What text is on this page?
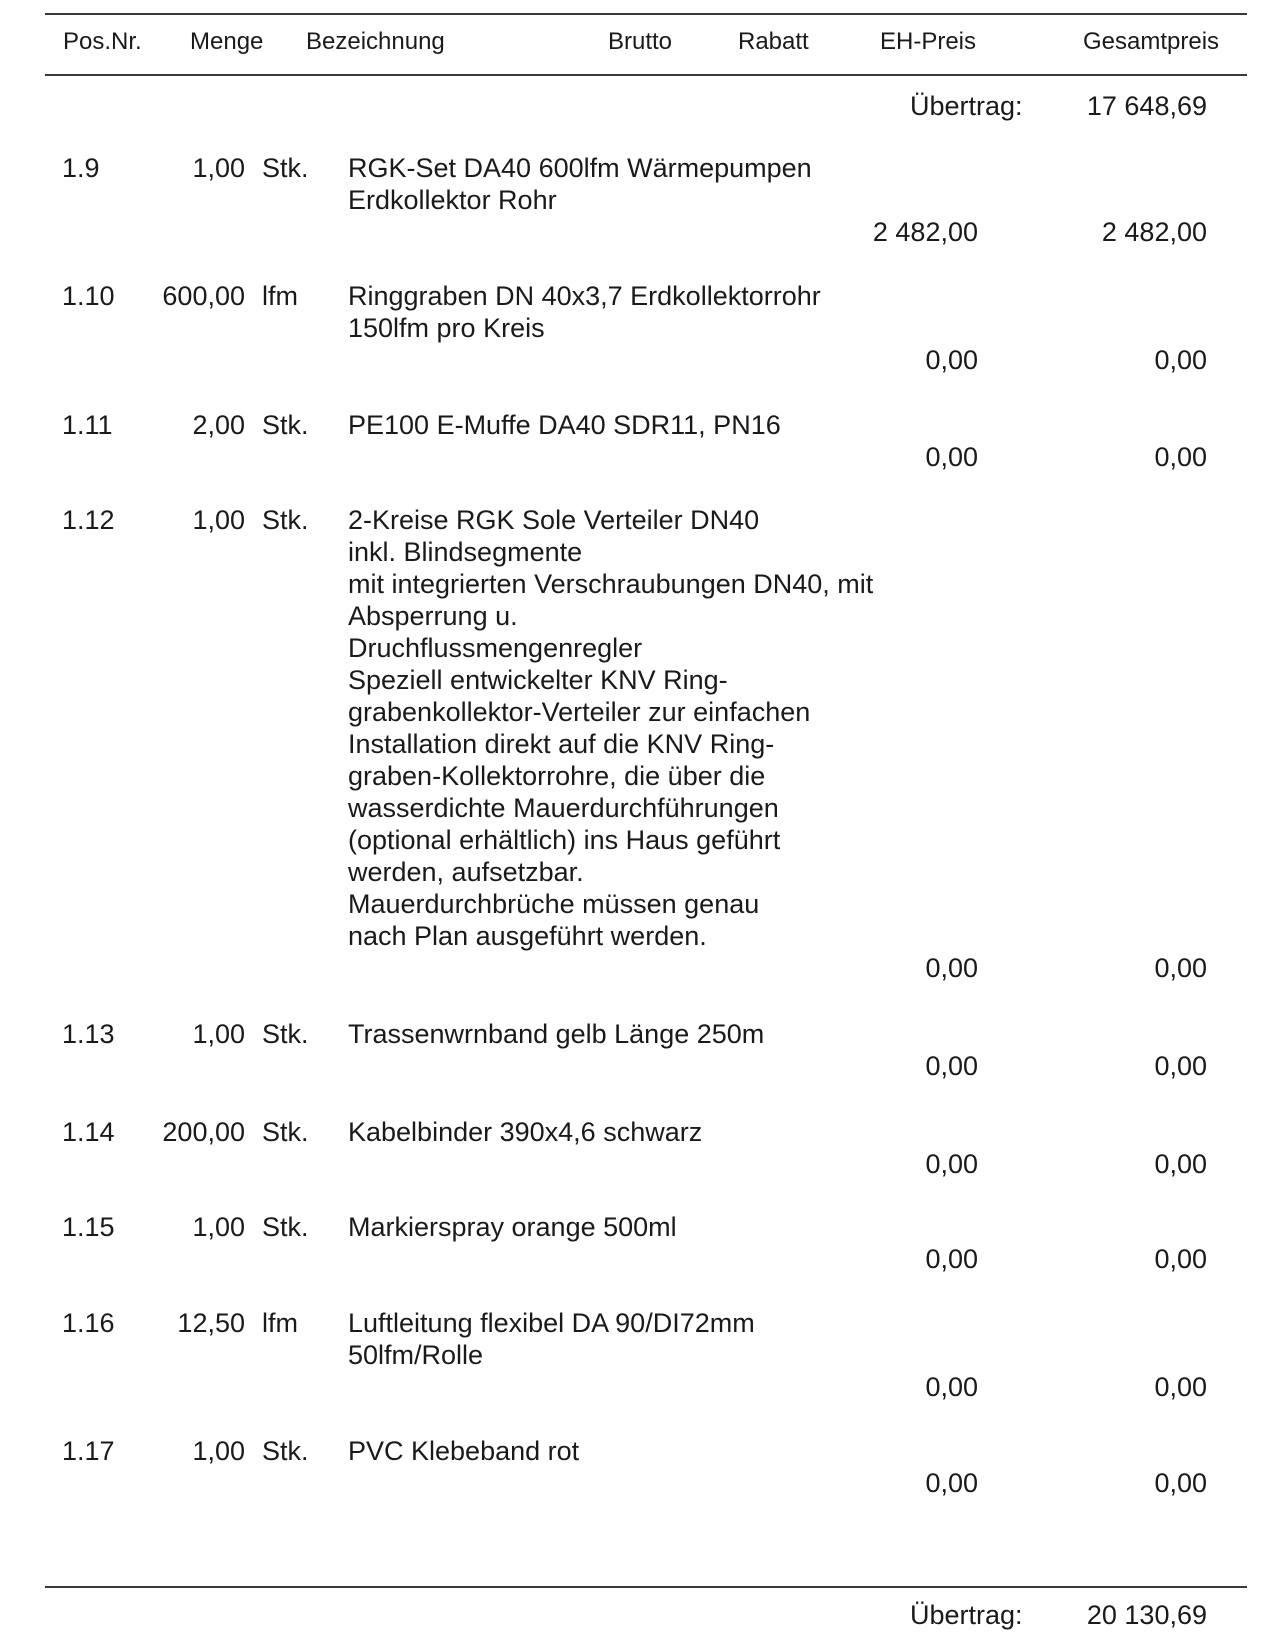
Pos.Nr. Menge Bezeichnung	Brutto	Rabatt	EH-Preis	Gesamtpreis
Übertrag:	17 648,69
1.9	1,00 Stk. RGK-Set DA40 600lfm Wärmepumpen
Erdkollektor Rohr
2 482,00	2 482,00
1.10	600,00 lfm Ringgraben DN 40x3,7 Erdkollektorrohr
150lfm pro Kreis
0,00	0,00
1.11	2,00 Stk. PE100 E-Muffe DA40 SDR11, PN16
0,00	0,00
1.12	1,00 Stk. 2-Kreise RGK Sole Verteiler DN40
inkl. Blindsegmente
mit integrierten Verschraubungen DN40, mit
Absperrung u.
Druchflussmengenregler
Speziell entwickelter KNV Ring-
grabenkollektor-Verteiler zur einfachen
Installation direkt auf die KNV Ring-
graben-Kollektorrohre, die über die
wasserdichte Mauerdurchführungen
(optional erhältlich) ins Haus geführt
werden, aufsetzbar.
Mauerdurchbrüche müssen genau
nach Plan ausgeführt werden.
0,00	0,00
1.13	1,00 Stk. Trassenwrnband gelb Länge 250m
0,00	0,00
1.14	200,00 Stk. Kabelbinder 390x4,6 schwarz
0,00	0,00
1.15	1,00 Stk. Markierspray orange 500ml
0,00	0,00
1.16	12,50 lfm Luftleitung flexibel DA 90/DI72mm
50lfm/Rolle
0,00	0,00
1.17	1,00 Stk. PVC Klebeband rot
0,00	0,00
Übertrag:	20 130,69
